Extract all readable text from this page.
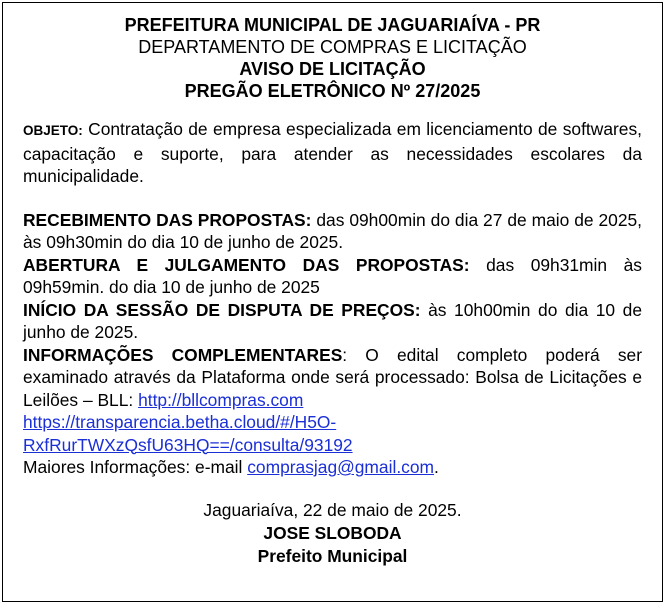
PREFEITURA MUNICIPAL DE JAGUARIAÍVA - PR
DEPARTAMENTO DE COMPRAS E LICITAÇÃO
AVISO DE LICITAÇÃO
PREGÃO ELETRÔNICO Nº 27/2025

OBJETO: Contratação de empresa especializada em licenciamento de softwares, capacitação e suporte, para atender as necessidades escolares da municipalidade.

RECEBIMENTO DAS PROPOSTAS: das 09h00min do dia 27 de maio de 2025, às 09h30min do dia 10 de junho de 2025.

ABERTURA E JULGAMENTO DAS PROPOSTAS: das 09h31min às 09h59min. do dia 10 de junho de 2025

INÍCIO DA SESSÃO DE DISPUTA DE PREÇOS: às 10h00min do dia 10 de junho de 2025.

INFORMAÇÕES COMPLEMENTARES: O edital completo poderá ser examinado através da Plataforma onde será processado: Bolsa de Licitações e Leilões – BLL: http://bllcompras.com

https://transparencia.betha.cloud/#/H5O-
RxfRurTWXzQsfU63HQ==/consulta/93192

Maiores Informações: e-mail comprasjag@gmail.com.

Jaguariaíva, 22 de maio de 2025.
JOSE SLOBODA
Prefeito Municipal
